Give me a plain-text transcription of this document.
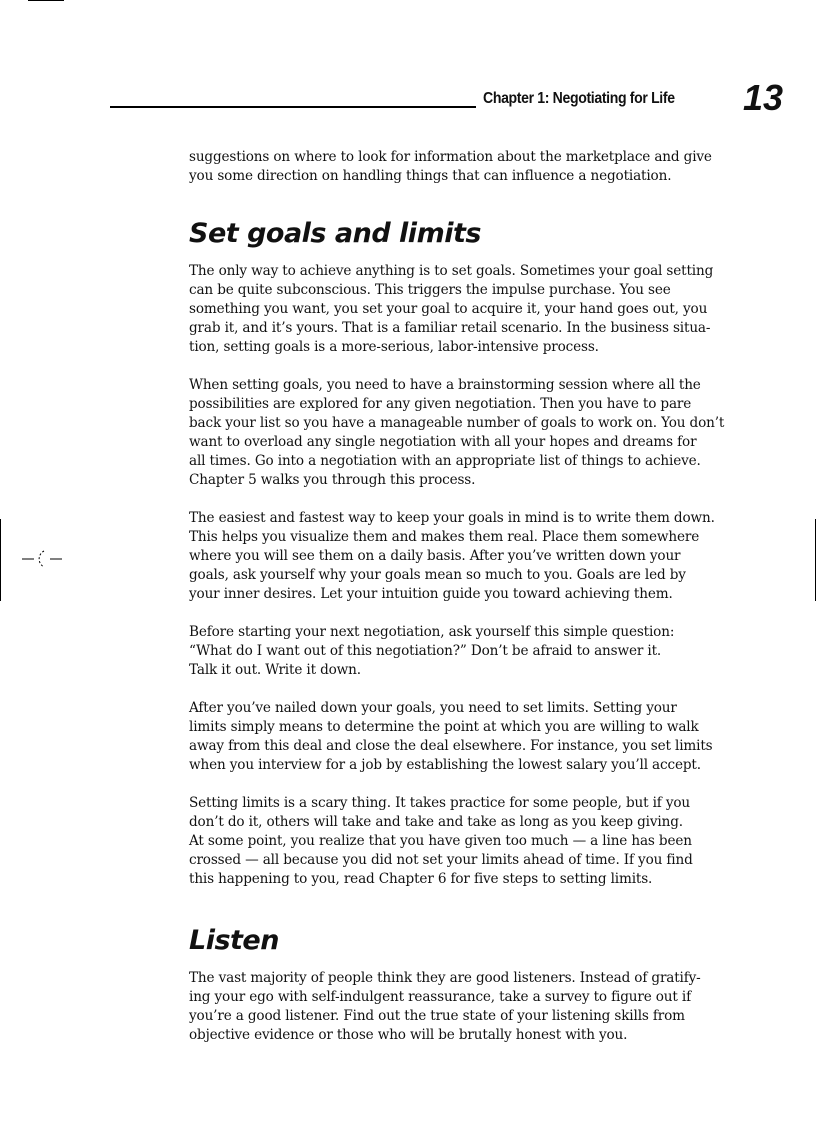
Chapter 1: Negotiating for Life 13

suggestions on where to look for information about the marketplace and give
you some direction on handling things that can influence a negotiation.

Set goals and limits

The only way to achieve anything is to set goals. Sometimes your goal setting
can be quite subconscious. This triggers the impulse purchase. You see
something you want, you set your goal to acquire it, your hand goes out, you
grab it, and it’s yours. That is a familiar retail scenario. In the business situa-
tion, setting goals is a more-serious, labor-intensive process.

When setting goals, you need to have a brainstorming session where all the
possibilities are explored for any given negotiation. Then you have to pare
back your list so you have a manageable number of goals to work on. You don’t
want to overload any single negotiation with all your hopes and dreams for
all times. Go into a negotiation with an appropriate list of things to achieve.
Chapter 5 walks you through this process.

The easiest and fastest way to keep your goals in mind is to write them down.
This helps you visualize them and makes them real. Place them somewhere
where you will see them on a daily basis. After you’ve written down your
goals, ask yourself why your goals mean so much to you. Goals are led by
your inner desires. Let your intuition guide you toward achieving them.

Before starting your next negotiation, ask yourself this simple question:
“What do I want out of this negotiation?” Don’t be afraid to answer it.
Talk it out. Write it down.

After you’ve nailed down your goals, you need to set limits. Setting your
limits simply means to determine the point at which you are willing to walk
away from this deal and close the deal elsewhere. For instance, you set limits
when you interview for a job by establishing the lowest salary you’ll accept.

Setting limits is a scary thing. It takes practice for some people, but if you
don’t do it, others will take and take and take as long as you keep giving.
At some point, you realize that you have given too much — a line has been
crossed — all because you did not set your limits ahead of time. If you find
this happening to you, read Chapter 6 for five steps to setting limits.

Listen

The vast majority of people think they are good listeners. Instead of gratify-
ing your ego with self-indulgent reassurance, take a survey to figure out if
you’re a good listener. Find out the true state of your listening skills from
objective evidence or those who will be brutally honest with you.
